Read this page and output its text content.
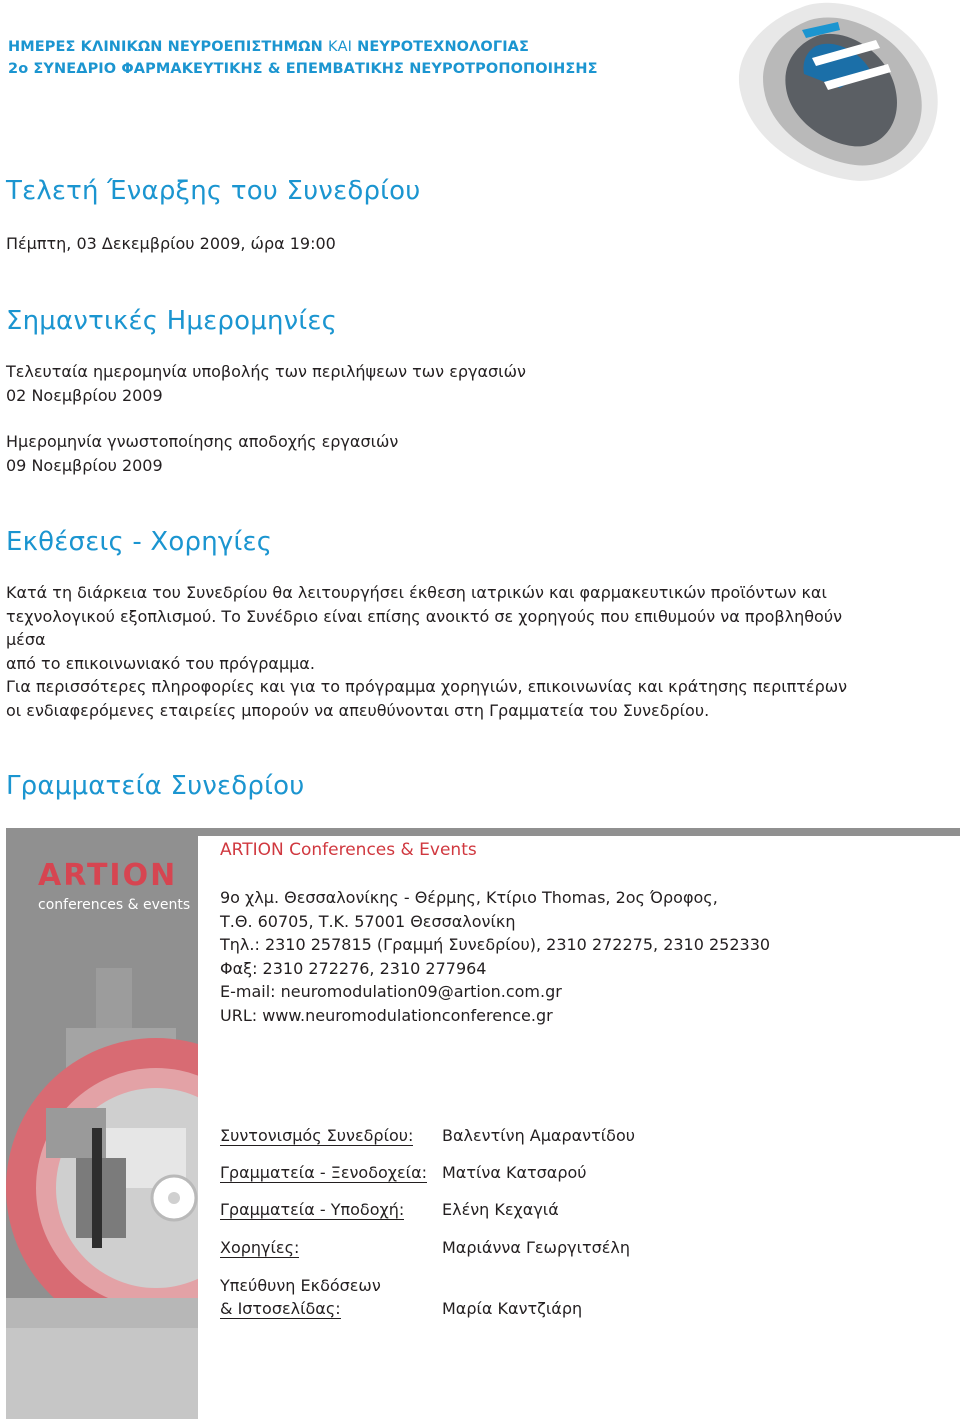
ΗΜΕΡΕΣ ΚΛΙΝΙΚΩΝ ΝΕΥΡΟΕΠΙΣΤΗΜΩΝ ΚΑΙ ΝΕΥΡΟΤΕΧΝΟΛΟΓΙΑΣ
2ο ΣΥΝΕΔΡΙΟ ΦΑΡΜΑΚΕΥΤΙΚΗΣ & ΕΠΕΜΒΑΤΙΚΗΣ ΝΕΥΡΟΤΡΟΠΟΠΟΙΗΣΗΣ
Τελετή Έναρξης του Συνεδρίου
Πέμπτη, 03 Δεκεμβρίου 2009, ώρα 19:00
Σημαντικές Ημερομηνίες
Τελευταία ημερομηνία υποβολής των περιλήψεων των εργασιών
02 Νοεμβρίου 2009
Ημερομηνία γνωστοποίησης αποδοχής εργασιών
09 Νοεμβρίου 2009
Εκθέσεις - Χορηγίες

Κατά τη διάρκεια του Συνεδρίου θα λειτουργήσει έκθεση ιατρικών και φαρμακευτικών προϊόντων και

τεχνολογικού εξοπλισμού. Το Συνέδριο είναι επίσης ανοικτό σε χορηγούς που επιθυμούν να προβληθούν μέσα

από το επικοινωνιακό του πρόγραμμα.

Για περισσότερες πληροφορίες και για το πρόγραμμα χορηγιών, επικοινωνίας και κράτησης περιπτέρων

οι ενδιαφερόμενες εταιρείες μπορούν να απευθύνονται στη Γραμματεία του Συνεδρίου.

Γραμματεία Συνεδρίου
ARTION
conferences & events
ARTION Conferences & Events
9ο χλμ. Θεσσαλονίκης - Θέρμης, Κτίριο Thomas, 2ος Όροφος,
Τ.Θ. 60705, Τ.Κ. 57001 Θεσσαλονίκη
Τηλ.: 2310 257815 (Γραμμή Συνεδρίου), 2310 272275, 2310 252330
Φαξ: 2310 272276, 2310 277964
E-mail: neuromodulation09@artion.com.gr
URL: www.neuromodulationconference.gr
Συντονισμός Συνεδρίου: Βαλεντίνη Αμαραντίδου
Γραμματεία - Ξενοδοχεία: Ματίνα Κατσαρού
Γραμματεία - Υποδοχή: Ελένη Κεχαγιά
Χορηγίες:	Μαριάννα Γεωργιτσέλη
Υπεύθυνη Εκδόσεων
& Ιστοσελίδας:	Μαρία Καντζιάρη
